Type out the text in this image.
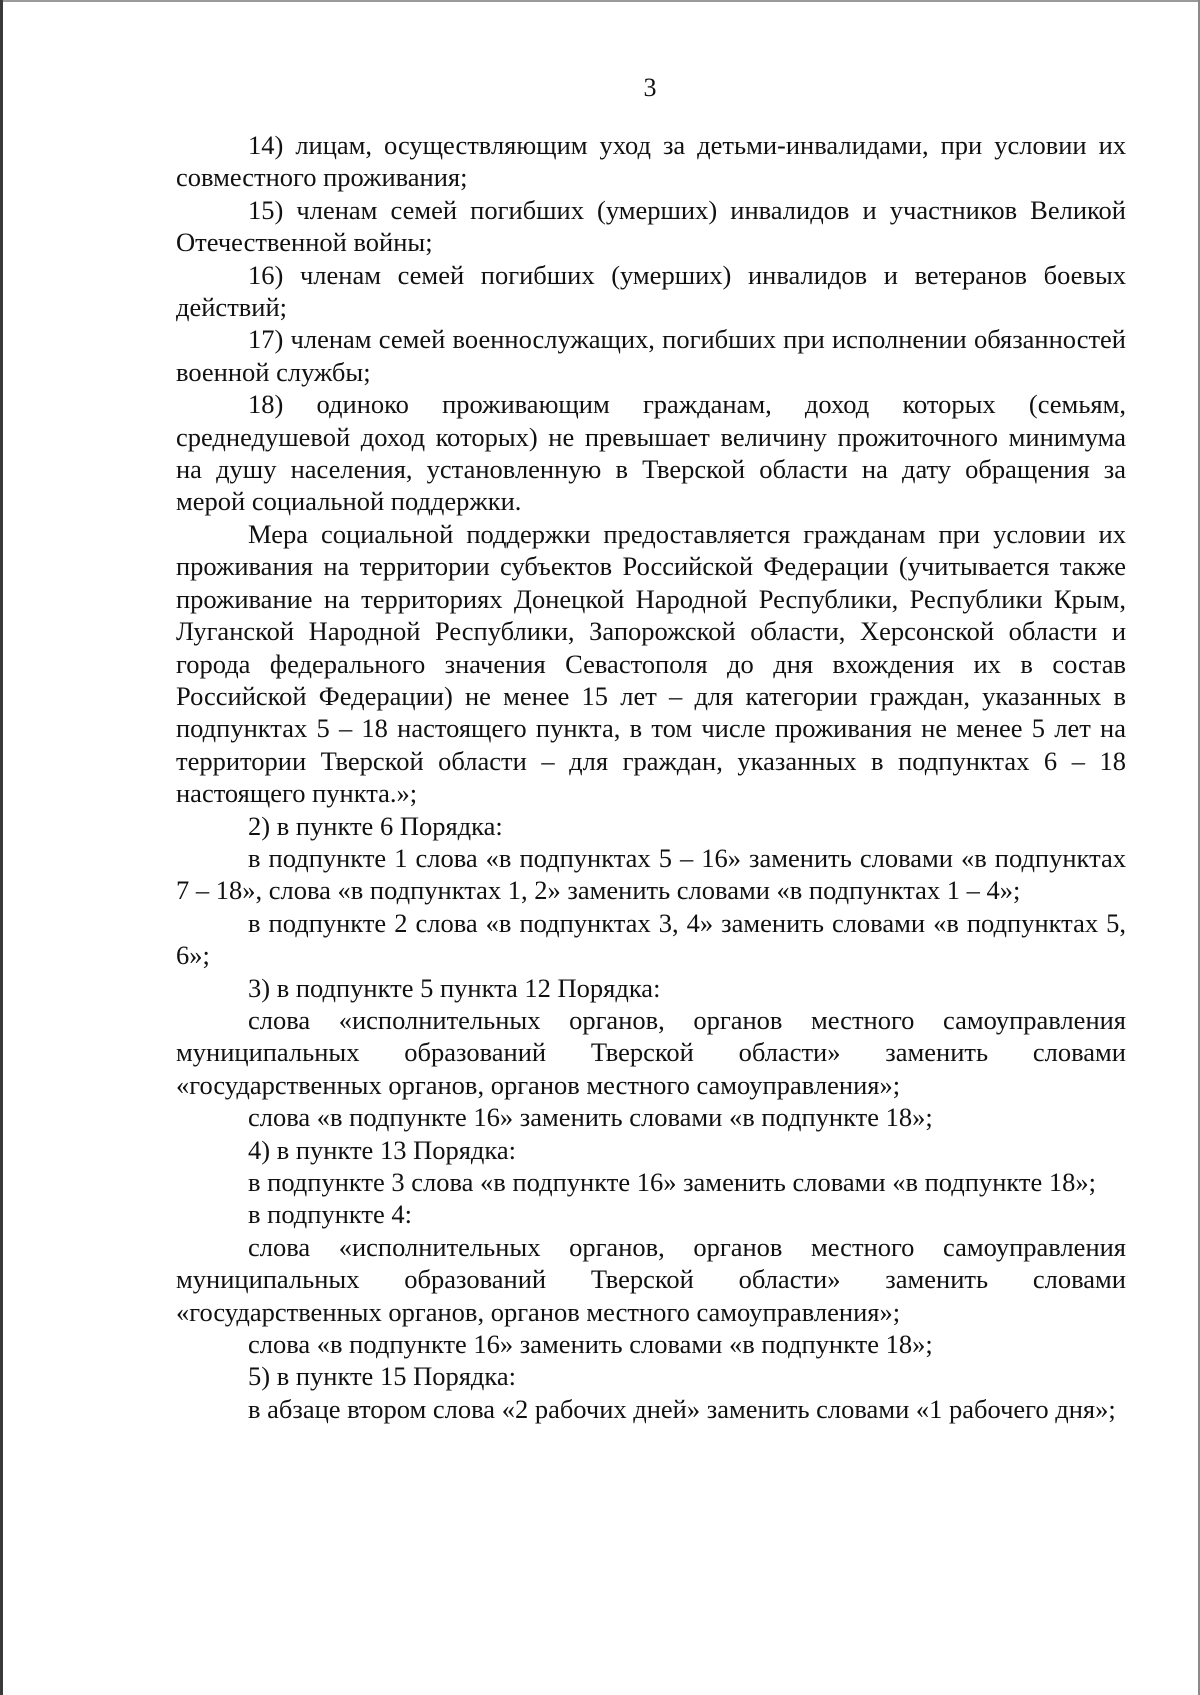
3

14) лицам, осуществляющим уход за детьми-инвалидами, при условии их совместного проживания;

15) членам семей погибших (умерших) инвалидов и участников Великой Отечественной войны;

16) членам семей погибших (умерших) инвалидов и ветеранов боевых действий;

17) членам семей военнослужащих, погибших при исполнении обязанностей военной службы;

18) одиноко проживающим гражданам, доход которых (семьям, среднедушевой доход которых) не превышает величину прожиточного минимума на душу населения, установленную в Тверской области на дату обращения за мерой социальной поддержки.

Мера социальной поддержки предоставляется гражданам при условии их проживания на территории субъектов Российской Федерации (учитывается также проживание на территориях Донецкой Народной Республики, Республики Крым, Луганской Народной Республики, Запорожской области, Херсонской области и города федерального значения Севастополя до дня вхождения их в состав Российской Федерации) не менее 15 лет – для категории граждан, указанных в подпунктах 5 – 18 настоящего пункта, в том числе проживания не менее 5 лет на территории Тверской области – для граждан, указанных в подпунктах 6 – 18 настоящего пункта.»;

2) в пункте 6 Порядка:

в подпункте 1 слова «в подпунктах 5 – 16» заменить словами «в подпунктах 7 – 18», слова «в подпунктах 1, 2» заменить словами «в подпунктах 1 – 4»;

в подпункте 2 слова «в подпунктах 3, 4» заменить словами «в подпунктах 5, 6»;

3) в подпункте 5 пункта 12 Порядка:

слова «исполнительных органов, органов местного самоуправления муниципальных образований Тверской области» заменить словами «государственных органов, органов местного самоуправления»;

слова «в подпункте 16» заменить словами «в подпункте 18»;

4) в пункте 13 Порядка:

в подпункте 3 слова «в подпункте 16» заменить словами «в подпункте 18»;

в подпункте 4:

слова «исполнительных органов, органов местного самоуправления муниципальных образований Тверской области» заменить словами «государственных органов, органов местного самоуправления»;

слова «в подпункте 16» заменить словами «в подпункте 18»;

5) в пункте 15 Порядка:

в абзаце втором слова «2 рабочих дней» заменить словами «1 рабочего дня»;
